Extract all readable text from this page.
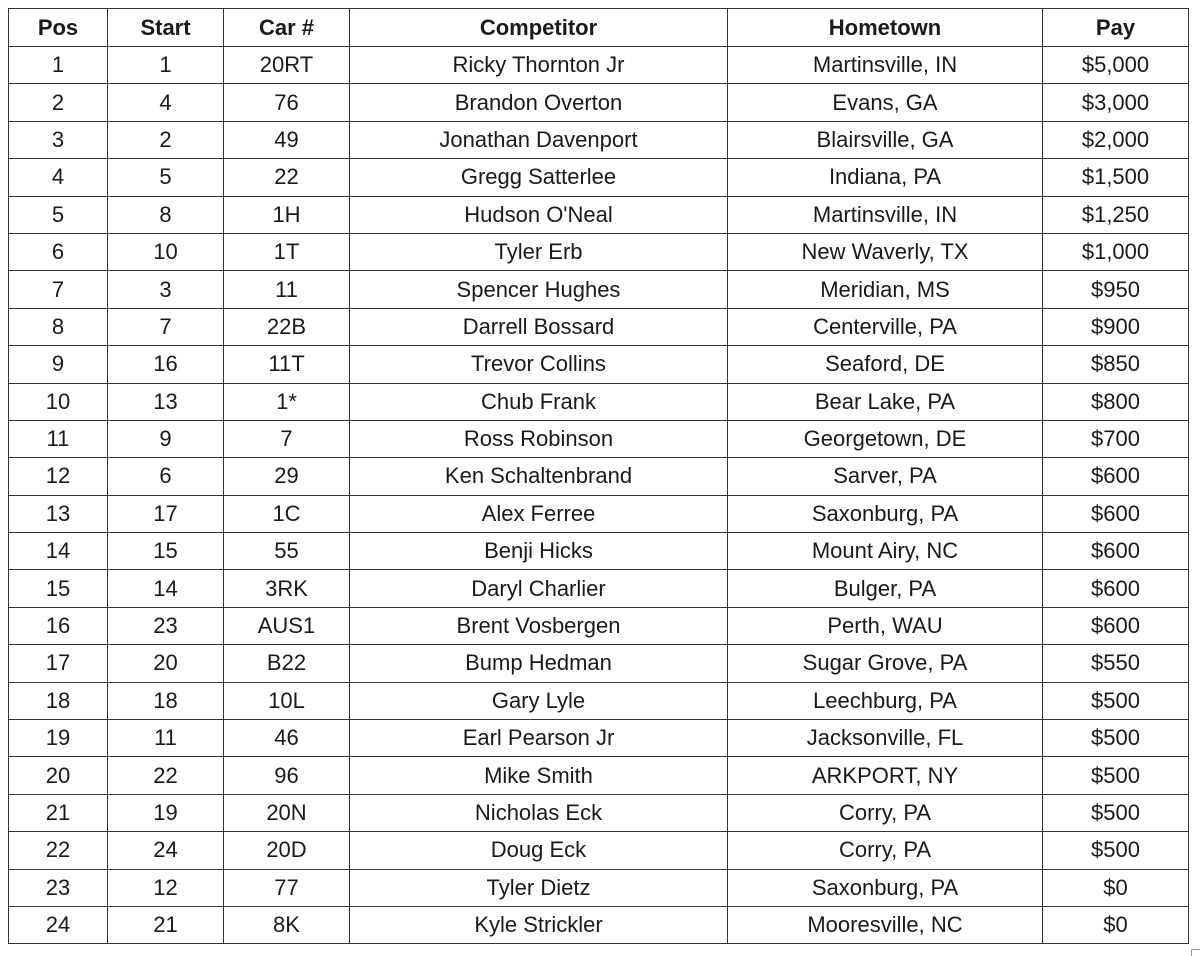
Pos	Start	Car #	Competitor	Hometown	Pay
1	1	20RT	Ricky Thornton Jr	Martinsville, IN	$5,000
2	4	76	Brandon Overton	Evans, GA	$3,000
3	2	49	Jonathan Davenport	Blairsville, GA	$2,000
4	5	22	Gregg Satterlee	Indiana, PA	$1,500
5	8	1H	Hudson O'Neal	Martinsville, IN	$1,250
6	10	1T	Tyler Erb	New Waverly, TX	$1,000
7	3	11	Spencer Hughes	Meridian, MS	$950
8	7	22B	Darrell Bossard	Centerville, PA	$900
9	16	11T	Trevor Collins	Seaford, DE	$850
10	13	1*	Chub Frank	Bear Lake, PA	$800
11	9	7	Ross Robinson	Georgetown, DE	$700
12	6	29	Ken Schaltenbrand	Sarver, PA	$600
13	17	1C	Alex Ferree	Saxonburg, PA	$600
14	15	55	Benji Hicks	Mount Airy, NC	$600
15	14	3RK	Daryl Charlier	Bulger, PA	$600
16	23	AUS1	Brent Vosbergen	Perth, WAU	$600
17	20	B22	Bump Hedman	Sugar Grove, PA	$550
18	18	10L	Gary Lyle	Leechburg, PA	$500
19	11	46	Earl Pearson Jr	Jacksonville, FL	$500
20	22	96	Mike Smith	ARKPORT, NY	$500
21	19	20N	Nicholas Eck	Corry, PA	$500
22	24	20D	Doug Eck	Corry, PA	$500
23	12	77	Tyler Dietz	Saxonburg, PA	$0
24	21	8K	Kyle Strickler	Mooresville, NC	$0
